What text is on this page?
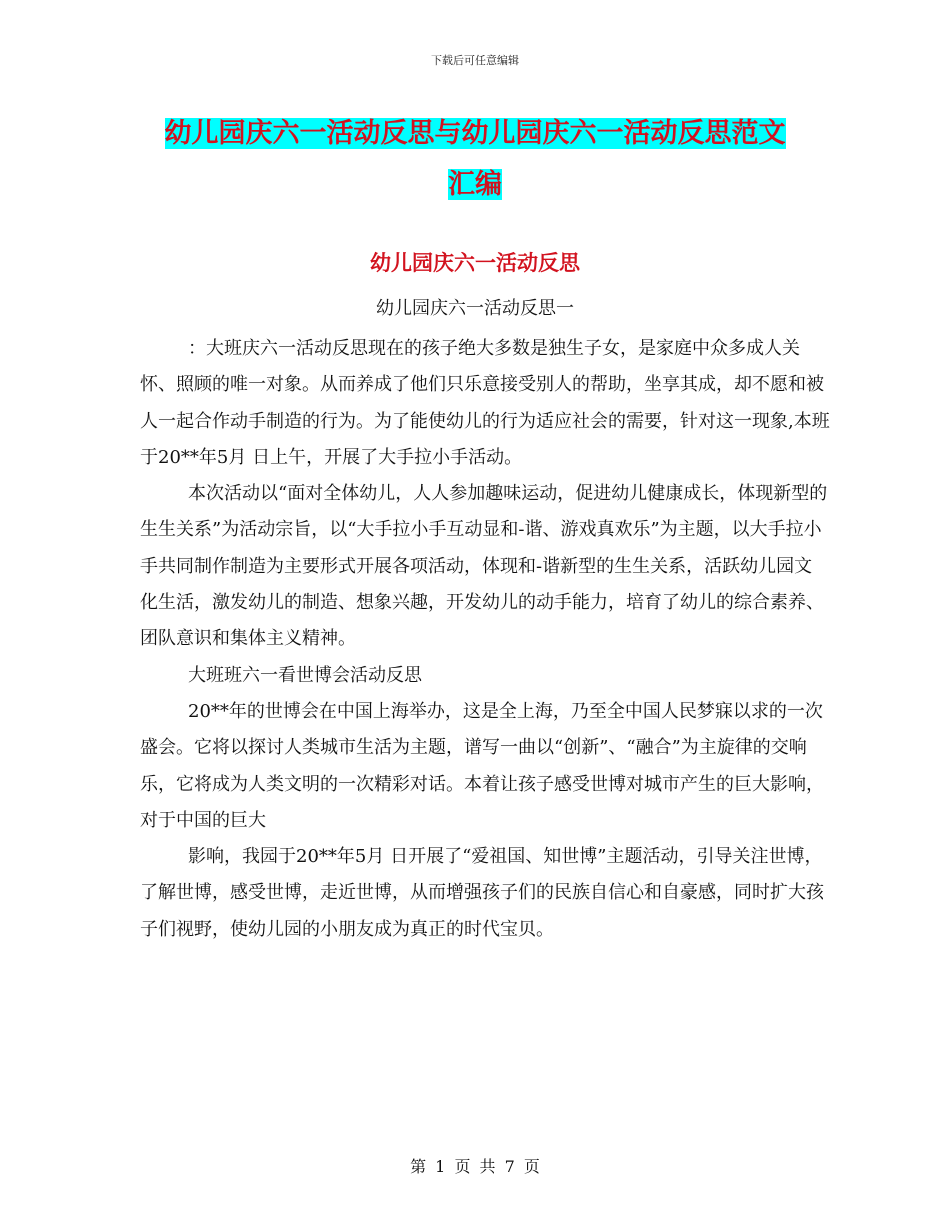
下载后可任意编辑
幼儿园庆六一活动反思与幼儿园庆六一活动反思范文
汇编
幼儿园庆六一活动反思
幼儿园庆六一活动反思一

：大班庆六一活动反思现在的孩子绝大多数是独生子女，是家庭中众多成人关怀、照顾的唯一对象。从而养成了他们只乐意接受别人的帮助，坐享其成，却不愿和被人一起合作动手制造的行为。为了能使幼儿的行为适应社会的需要，针对这一现象,本班于20**年5月 日上午，开展了大手拉小手活动。

本次活动以“面对全体幼儿，人人参加趣味运动，促进幼儿健康成长，体现新型的生生关系”为活动宗旨，以“大手拉小手互动显和-谐、游戏真欢乐”为主题，以大手拉小手共同制作制造为主要形式开展各项活动，体现和-谐新型的生生关系，活跃幼儿园文化生活，激发幼儿的制造、想象兴趣，开发幼儿的动手能力，培育了幼儿的综合素养、团队意识和集体主义精神。

大班班六一看世博会活动反思

20**年的世博会在中国上海举办，这是全上海，乃至全中国人民梦寐以求的一次盛会。它将以探讨人类城市生活为主题，谱写一曲以“创新”、“融合”为主旋律的交响乐，它将成为人类文明的一次精彩对话。本着让孩子感受世博对城市产生的巨大影响，对于中国的巨大

影响，我园于20**年5月 日开展了“爱祖国、知世博”主题活动，引导关注世博，了解世博，感受世博，走近世博，从而增强孩子们的民族自信心和自豪感，同时扩大孩子们视野，使幼儿园的小朋友成为真正的时代宝贝。

第 1 页 共 7 页
